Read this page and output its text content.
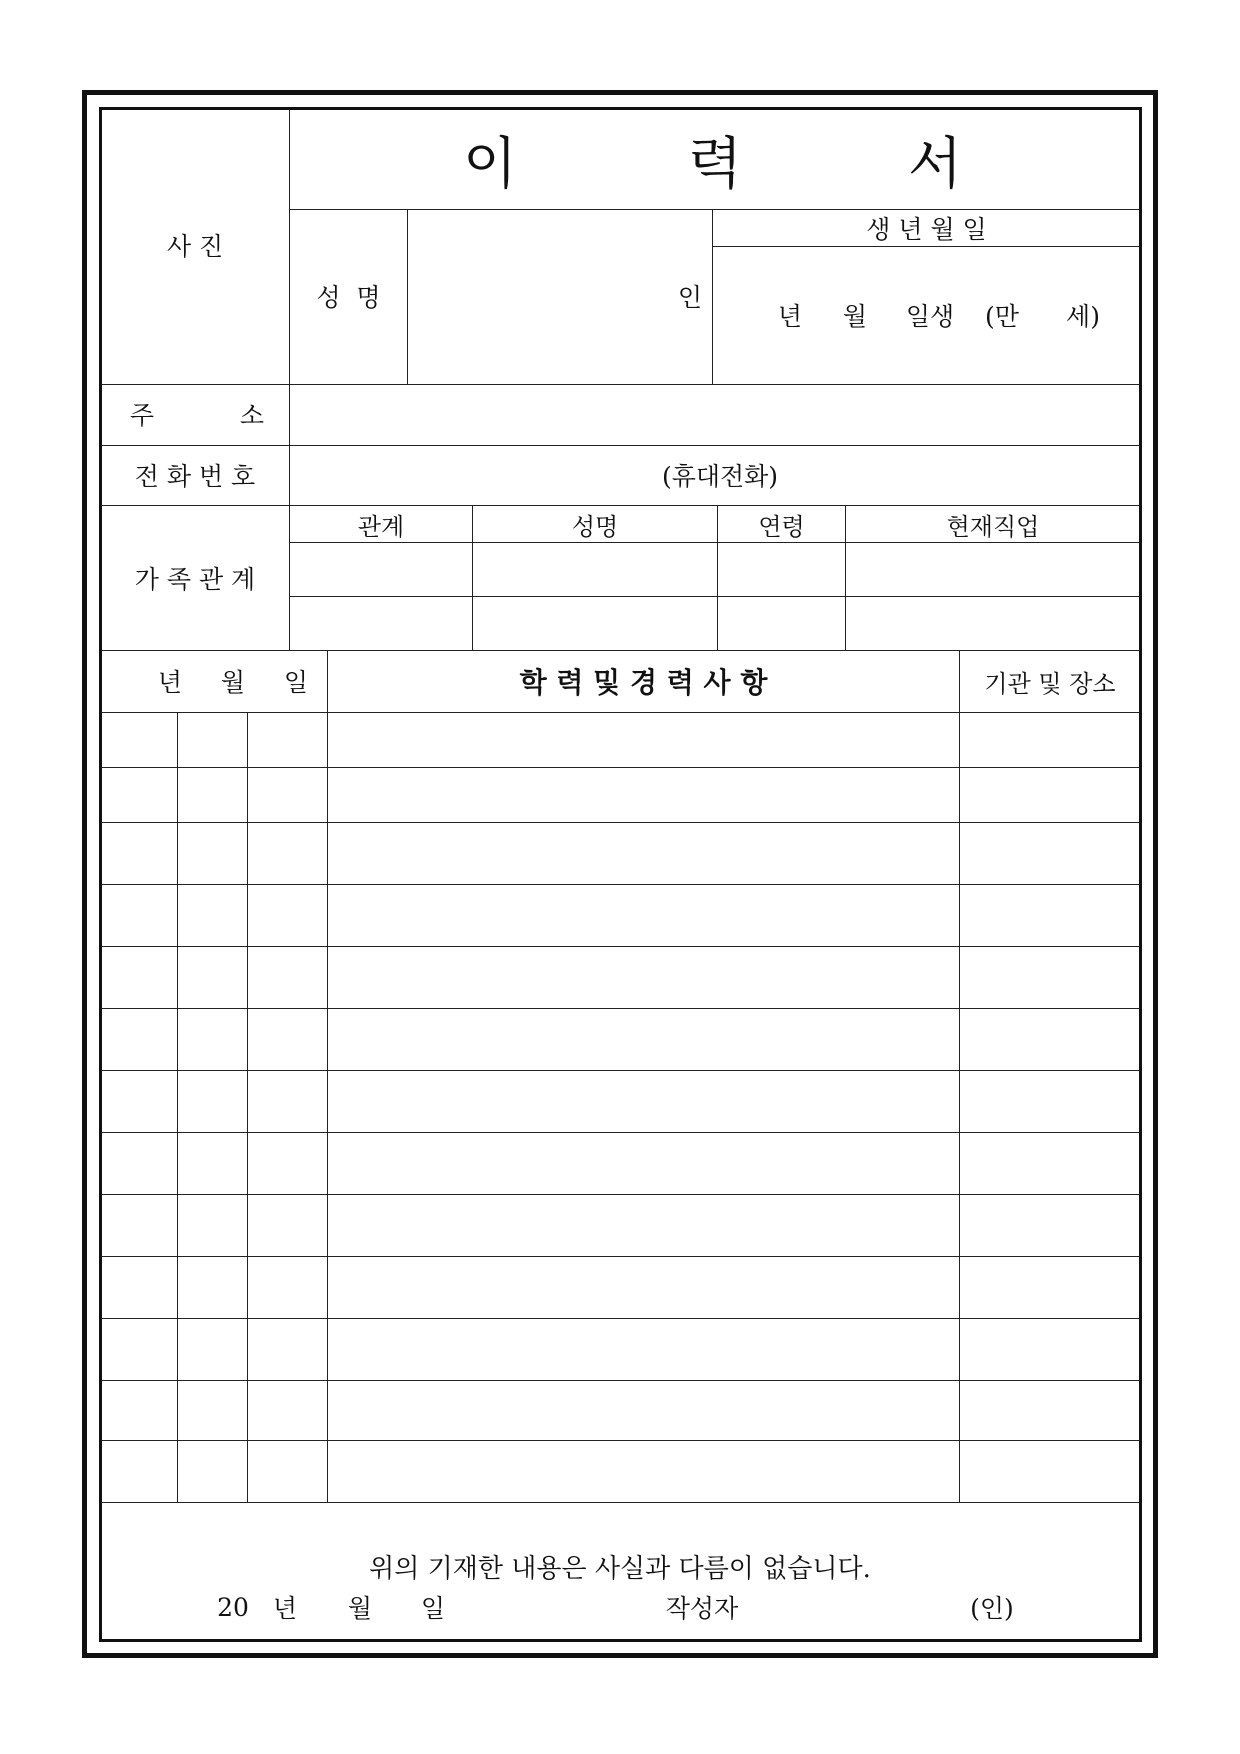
이	력	서
사 진
성  명	인
생 년 월 일
년	월	일생	(만	세)
주	소
전 화 번 호	(휴대전화)
가 족 관 계
관계	성명	연령	현재직업
년	월	일	학 력 및 경 력 사 항	기관 및 장소
위의 기재한 내용은 사실과 다름이 없습니다.
20 년	월	일	작성자	(인)
